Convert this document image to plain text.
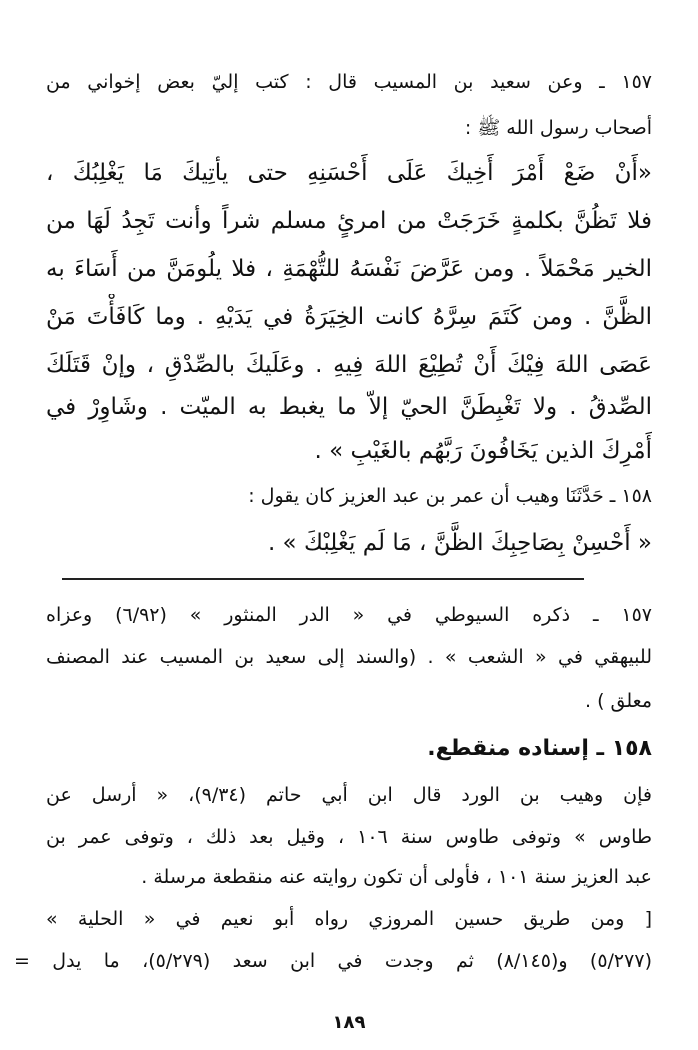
١٥٧ ـ وعن سعيد بن المسيب قال : كتب إليّ بعض إخواني من
أصحاب رسول الله ﷺ :
«أَنْ ضَعْ أَمْرَ أَخِيكَ عَلَى أَحْسَنِهِ حتى يأتِيكَ مَا يَغْلِبُكَ ،
فلا تَظُنَّ بكلمةٍ خَرَجَتْ من امرئٍ مسلم شراً وأنت تَجِدُ لَهَا من
الخير مَحْمَلاً . ومن عَرَّضَ نَفْسَهُ للتُّهْمَةِ ، فلا يلُومَنَّ من أَسَاءَ به
الظَّنَّ . ومن كَتَمَ سِرَّهُ كانت الخِيَرَةُ في يَدَيْهِ . وما كَافَأْتَ مَنْ
عَصَى اللهَ فِيْكَ أَنْ تُطِيْعَ اللهَ فِيهِ . وعَلَيكَ بالصِّدْقِ ، وإنْ قَتَلَكَ
الصِّدقُ . ولا تَغْبِطَنَّ الحيّ إلاّ ما يغبط به الميّت . وشَاوِرْ في
أَمْرِكَ الذين يَخَافُونَ رَبَّهُم بالغَيْبِ » .
١٥٨ ـ حَدَّثَنَا وهيب أن عمر بن عبد العزيز كان يقول :
« أَحْسِنْ بِصَاحِبِكَ الظَّنَّ ، مَا لَم يَغْلِبْكَ » .
١٥٧ ـ ذكره السيوطي في « الدر المنثور » (٦/٩٢) وعزاه
للبيهقي في « الشعب » . (والسند إلى سعيد بن المسيب عند المصنف
معلق ) .
١٥٨ ـ إسناده منقطع.
فإن وهيب بن الورد قال ابن أبي حاتم (٩/٣٤)، « أرسل عن
طاوس » وتوفى طاوس سنة ١٠٦ ، وقيل بعد ذلك ، وتوفى عمر بن
عبد العزيز سنة ١٠١ ، فأولى أن تكون روايته عنه منقطعة مرسلة .
[ ومن طريق حسين المروزي رواه أبو نعيم في « الحلية »
(٥/٢٧٧) و(٨/١٤٥) ثم وجدت في ابن سعد (٥/٢٧٩)، ما يدل =
١٨٩
